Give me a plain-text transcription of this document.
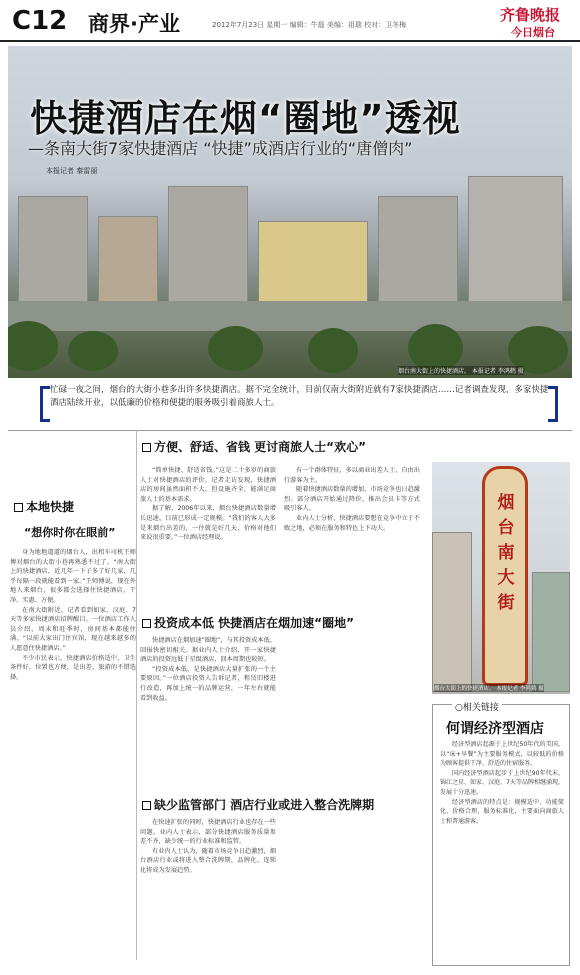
C12 商界·产业	2012年7月23日 星期一 编辑：牛磊 美编：祖瑞 校对：卫冬梅
齐鲁晚报
今日烟台
快捷酒店在烟“圈地”透视
—条南大街7家快捷酒店 “快捷”成酒店行业的“唐僧肉”
本报记者 秦雷丽
烟台南大街上的快捷酒店。 本报记者 李鸿鹤 摄
忙碌一夜之间，烟台的大街小巷多出许多快捷酒店。据不完全统计，目前仅南大街附近就有7家快捷酒店……记者调查发现，多家快捷酒店陆续开业，以低廉的价格和便捷的服务吸引着商旅人士。
本地快捷
“想你时你在眼前”

身为地地道道的烟台人，出租车司机王师傅对烟台的大街小巷再熟悉不过了。“南大街上的快捷酒店，近几年一下子多了好几家，几乎每隔一段就能看到一家。”王师傅说，现在外地人来烟台，很多都会选择住快捷酒店，干净、实惠、方便。

在南大街附近，记者看到如家、汉庭、7天等多家快捷酒店招牌醒目。一位酒店工作人员介绍，周末和旺季时，房间基本都能住满。“以前大家出门住宾馆，现在越来越多的人愿意住快捷酒店。”

不少市民表示，快捷酒店价格适中，卫生条件好，位置也方便，是出差、旅游的不错选择。

方便、舒适、省钱 更讨商旅人士“欢心”

“简单快捷、舒适省钱。”这是二十多岁的商旅人士对快捷酒店的评价。记者走访发现，快捷酒店的房间虽然面积不大，但设施齐全，能满足商旅人士的基本需求。

据了解，2006年以来，烟台快捷酒店数量增长迅速，目前已形成一定规模。“我们的客人大多是来烟台出差的，一住就是好几天，价格对他们来说很重要。”一位酒店经理说。

投资成本低 快捷酒店在烟加速“圈地”

快捷酒店在烟加速“圈地”，与其投资成本低、回报快密切相关。据业内人士介绍，开一家快捷酒店的投资远低于星级酒店，回本周期也较短。

“投资成本低，是快捷酒店大量扩张的一个主要原因。”一位酒店投资人告诉记者，租赁旧楼进行改造，再加上统一的品牌运营，一年左右就能看到收益。

缺少监管部门 酒店行业或进入整合洗牌期

在快速扩张的同时，快捷酒店行业也存在一些问题。业内人士表示，部分快捷酒店服务质量参差不齐，缺少统一的行业标准和监管。

有业内人士认为，随着市场竞争日趋激烈，烟台酒店行业或将进入整合洗牌期，品牌化、连锁化将成为发展趋势。

有一个群体特征，多以商业出差人士，自由出行游客为主。

随着快捷酒店数量的增加，市场竞争也日趋激烈。部分酒店开始通过降价、推出会员卡等方式吸引客人。

业内人士分析，快捷酒店要想在竞争中立于不败之地，必须在服务和特色上下功夫。

烟台南大街
烟台大街上的快捷酒店。 本报记者 李鸿鹤 摄
○相关链接
何谓经济型酒店

经济型酒店起源于上世纪50年代的美国，以“床+早餐”为主要服务模式，以较低的价格为顾客提供干净、舒适的住宿服务。

国内经济型酒店起步于上世纪90年代末，锦江之星、如家、汉庭、7天等品牌相继涌现，发展十分迅速。

经济型酒店的特点是：规模适中、功能简化、价格合理、服务标准化，主要面向商旅人士和普通游客。
